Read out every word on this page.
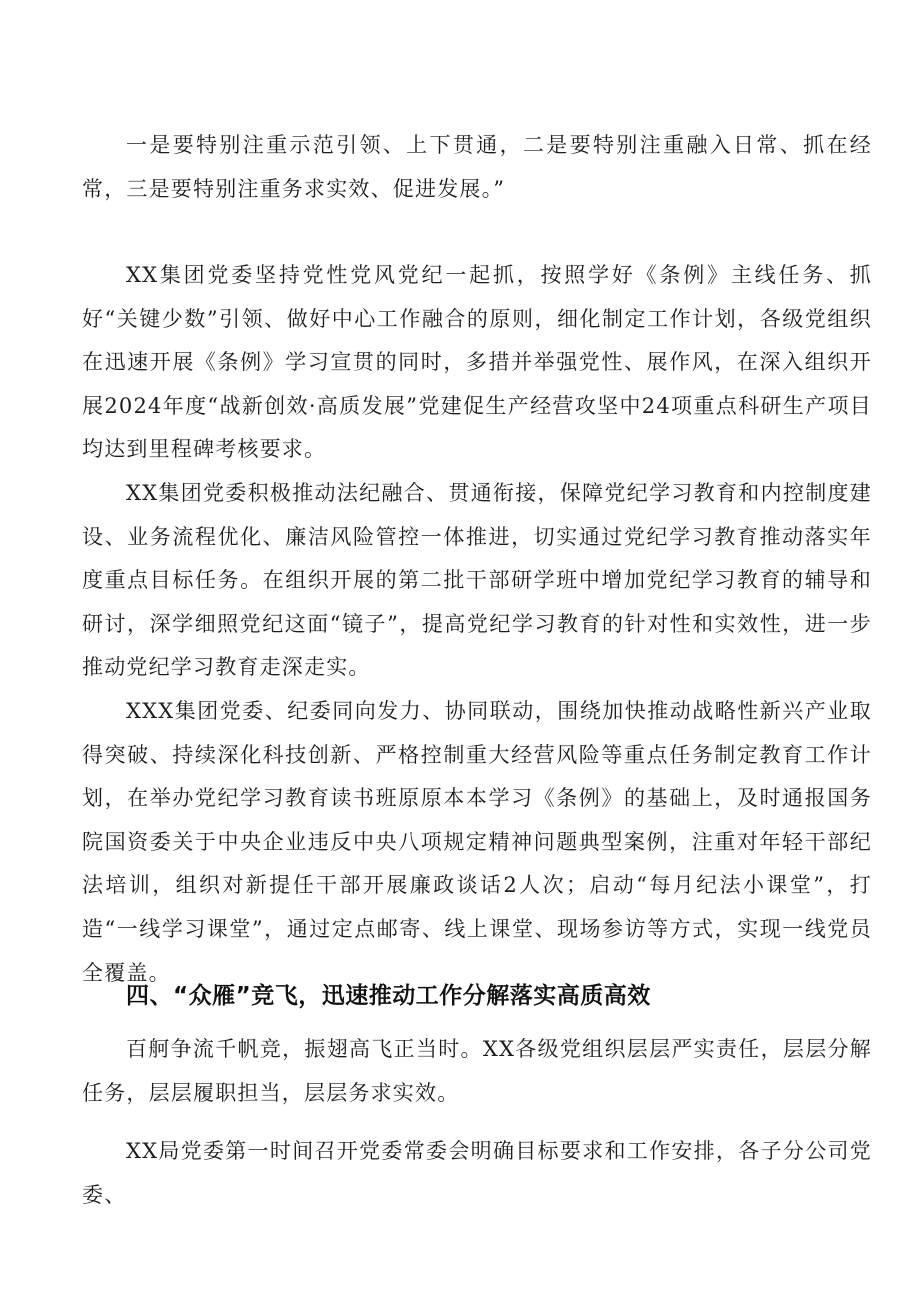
一是要特别注重示范引领、上下贯通，二是要特别注重融入日常、抓在经常，三是要特别注重务求实效、促进发展。”

XX集团党委坚持党性党风党纪一起抓，按照学好《条例》主线任务、抓好“关键少数”引领、做好中心工作融合的原则，细化制定工作计划，各级党组织在迅速开展《条例》学习宣贯的同时，多措并举强党性、展作风，在深入组织开展2024年度“战新创效·高质发展”党建促生产经营攻坚中24项重点科研生产项目均达到里程碑考核要求。

XX集团党委积极推动法纪融合、贯通衔接，保障党纪学习教育和内控制度建设、业务流程优化、廉洁风险管控一体推进，切实通过党纪学习教育推动落实年度重点目标任务。在组织开展的第二批干部研学班中增加党纪学习教育的辅导和研讨，深学细照党纪这面“镜子”，提高党纪学习教育的针对性和实效性，进一步推动党纪学习教育走深走实。

XXX集团党委、纪委同向发力、协同联动，围绕加快推动战略性新兴产业取得突破、持续深化科技创新、严格控制重大经营风险等重点任务制定教育工作计划，在举办党纪学习教育读书班原原本本学习《条例》的基础上，及时通报国务院国资委关于中央企业违反中央八项规定精神问题典型案例，注重对年轻干部纪法培训，组织对新提任干部开展廉政谈话2人次；启动“每月纪法小课堂”，打造“一线学习课堂”，通过定点邮寄、线上课堂、现场参访等方式，实现一线党员全覆盖。

四、“众雁”竞飞，迅速推动工作分解落实高质高效

百舸争流千帆竞，振翅高飞正当时。XX各级党组织层层严实责任，层层分解任务，层层履职担当，层层务求实效。

XX局党委第一时间召开党委常委会明确目标要求和工作安排，各子分公司党委、
